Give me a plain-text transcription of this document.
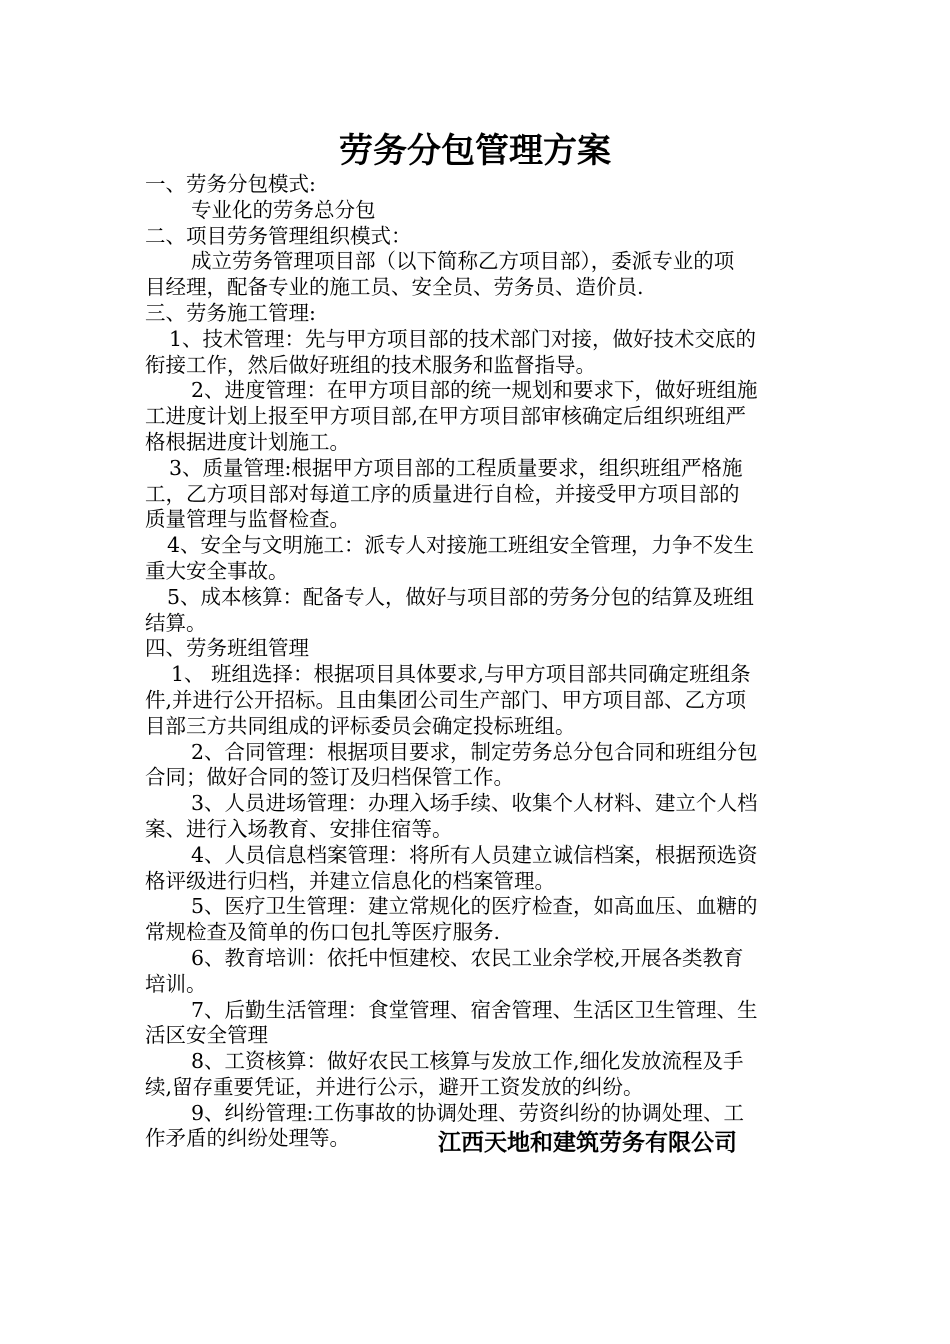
劳务分包管理方案
一、劳务分包模式:
专业化的劳务总分包
二、项目劳务管理组织模式：
成立劳务管理项目部（以下简称乙方项目部），委派专业的项
目经理，配备专业的施工员、安全员、劳务员、造价员.
三、劳务施工管理:
1、技术管理：先与甲方项目部的技术部门对接，做好技术交底的
衔接工作，然后做好班组的技术服务和监督指导。
2、进度管理：在甲方项目部的统一规划和要求下，做好班组施
工进度计划上报至甲方项目部,在甲方项目部审核确定后组织班组严
格根据进度计划施工。
3、质量管理:根据甲方项目部的工程质量要求，组织班组严格施
工，乙方项目部对每道工序的质量进行自检，并接受甲方项目部的
质量管理与监督检查。
4、安全与文明施工：派专人对接施工班组安全管理，力争不发生
重大安全事故。
5、成本核算：配备专人，做好与项目部的劳务分包的结算及班组
结算。
四、劳务班组管理
1、 班组选择：根据项目具体要求,与甲方项目部共同确定班组条
件,并进行公开招标。且由集团公司生产部门、甲方项目部、乙方项
目部三方共同组成的评标委员会确定投标班组。
2、合同管理：根据项目要求，制定劳务总分包合同和班组分包
合同；做好合同的签订及归档保管工作。
3、人员进场管理：办理入场手续、收集个人材料、建立个人档
案、进行入场教育、安排住宿等。
4、人员信息档案管理：将所有人员建立诚信档案，根据预选资
格评级进行归档，并建立信息化的档案管理。
5、医疗卫生管理：建立常规化的医疗检查，如高血压、血糖的
常规检查及简单的伤口包扎等医疗服务.
6、教育培训：依托中恒建校、农民工业余学校,开展各类教育
培训。
7、后勤生活管理：食堂管理、宿舍管理、生活区卫生管理、生
活区安全管理
8、工资核算：做好农民工核算与发放工作,细化发放流程及手
续,留存重要凭证，并进行公示，避开工资发放的纠纷。
9、纠纷管理:工伤事故的协调处理、劳资纠纷的协调处理、工
作矛盾的纠纷处理等。	江西天地和建筑劳务有限公司
